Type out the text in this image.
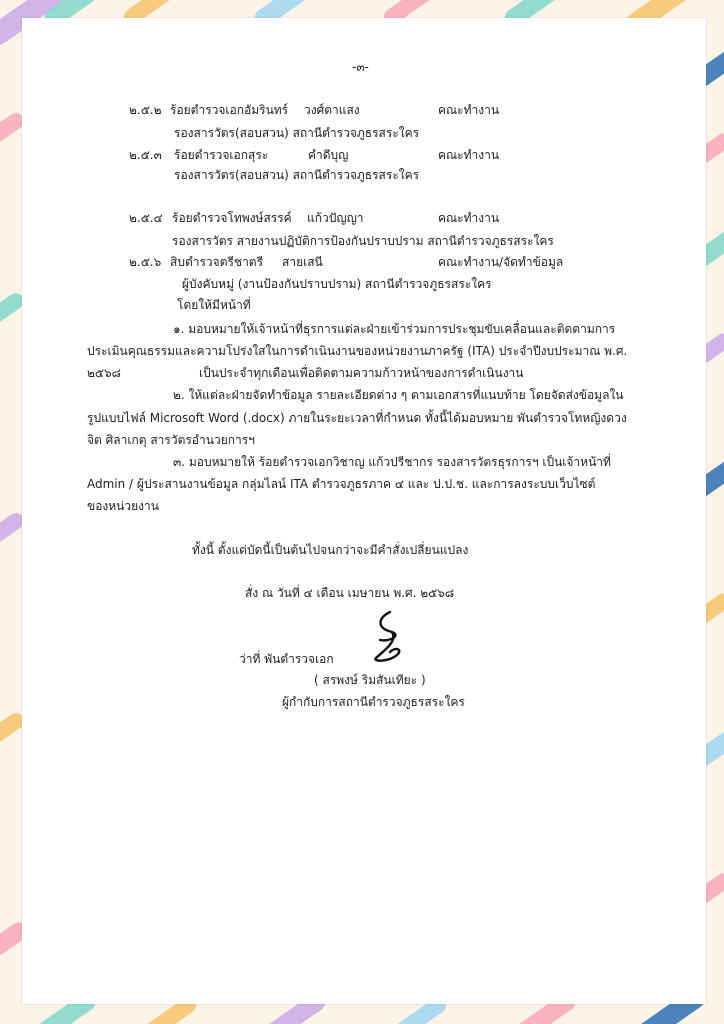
-๓-
๒.๕.๒ ร้อยตำรวจเอกอัมรินทร์ วงศ์ตาแสง	คณะทำงาน
รองสารวัตร(สอบสวน) สถานีตำรวจภูธรสระใคร
๒.๕.๓ ร้อยตำรวจเอกสุระ	คำดีบุญ	คณะทำงาน
รองสารวัตร(สอบสวน) สถานีตำรวจภูธรสระใคร
๒.๕.๔ ร้อยตำรวจโทพงษ์สรรค์ แก้วปัญญา	คณะทำงาน
รองสารวัตร สายงานปฏิบัติการป้องกันปราบปราม สถานีตำรวจภูธรสระใคร
๒.๕.๖ สิบตำรวจตรีชาตรี สายเสนี	คณะทำงาน/จัดทำข้อมูล
ผู้บังคับหมู่ (งานป้องกันปราบปราม) สถานีตำรวจภูธรสระใคร
โดยให้มีหน้าที่
๑. มอบหมายให้เจ้าหน้าที่ธุรการแต่ละฝ่ายเข้าร่วมการประชุมขับเคลื่อนและติดตามการ
ประเมินคุณธรรมและความโปร่งใสในการดำเนินงานของหน่วยงานภาครัฐ (ITA) ประจำปีงบประมาณ พ.ศ.
๒๕๖๘	เป็นประจำทุกเดือนเพื่อติดตามความก้าวหน้าของการดำเนินงาน
๒. ให้แต่ละฝ่ายจัดทำข้อมูล รายละเอียดต่าง ๆ ตามเอกสารที่แนบท้าย โดยจัดส่งข้อมูลใน
รูปแบบไฟล์ Microsoft Word (.docx) ภายในระยะเวลาที่กำหนด ทั้งนี้ได้มอบหมาย พันตำรวจโทหญิงดวง
จิต ศิลาเกตุ สารวัตรอำนวยการฯ
๓. มอบหมายให้ ร้อยตำรวจเอกวิชาญ แก้วปรีชากร รองสารวัตรธุรการฯ เป็นเจ้าหน้าที่
Admin / ผู้ประสานงานข้อมูล กลุ่มไลน์ ITA ตำรวจภูธรภาค ๔ และ ป.ป.ช. และการลงระบบเว็บไซต์
ของหน่วยงาน
ทั้งนี้ ตั้งแต่บัดนี้เป็นต้นไปจนกว่าจะมีคำสั่งเปลี่ยนแปลง
สั่ง ณ วันที่ ๔ เดือน เมษายน พ.ศ. ๒๕๖๘
ว่าที่ พันตำรวจเอก
( สรพงษ์ ริมสันเทียะ )
ผู้กำกับการสถานีตำรวจภูธรสระใคร
